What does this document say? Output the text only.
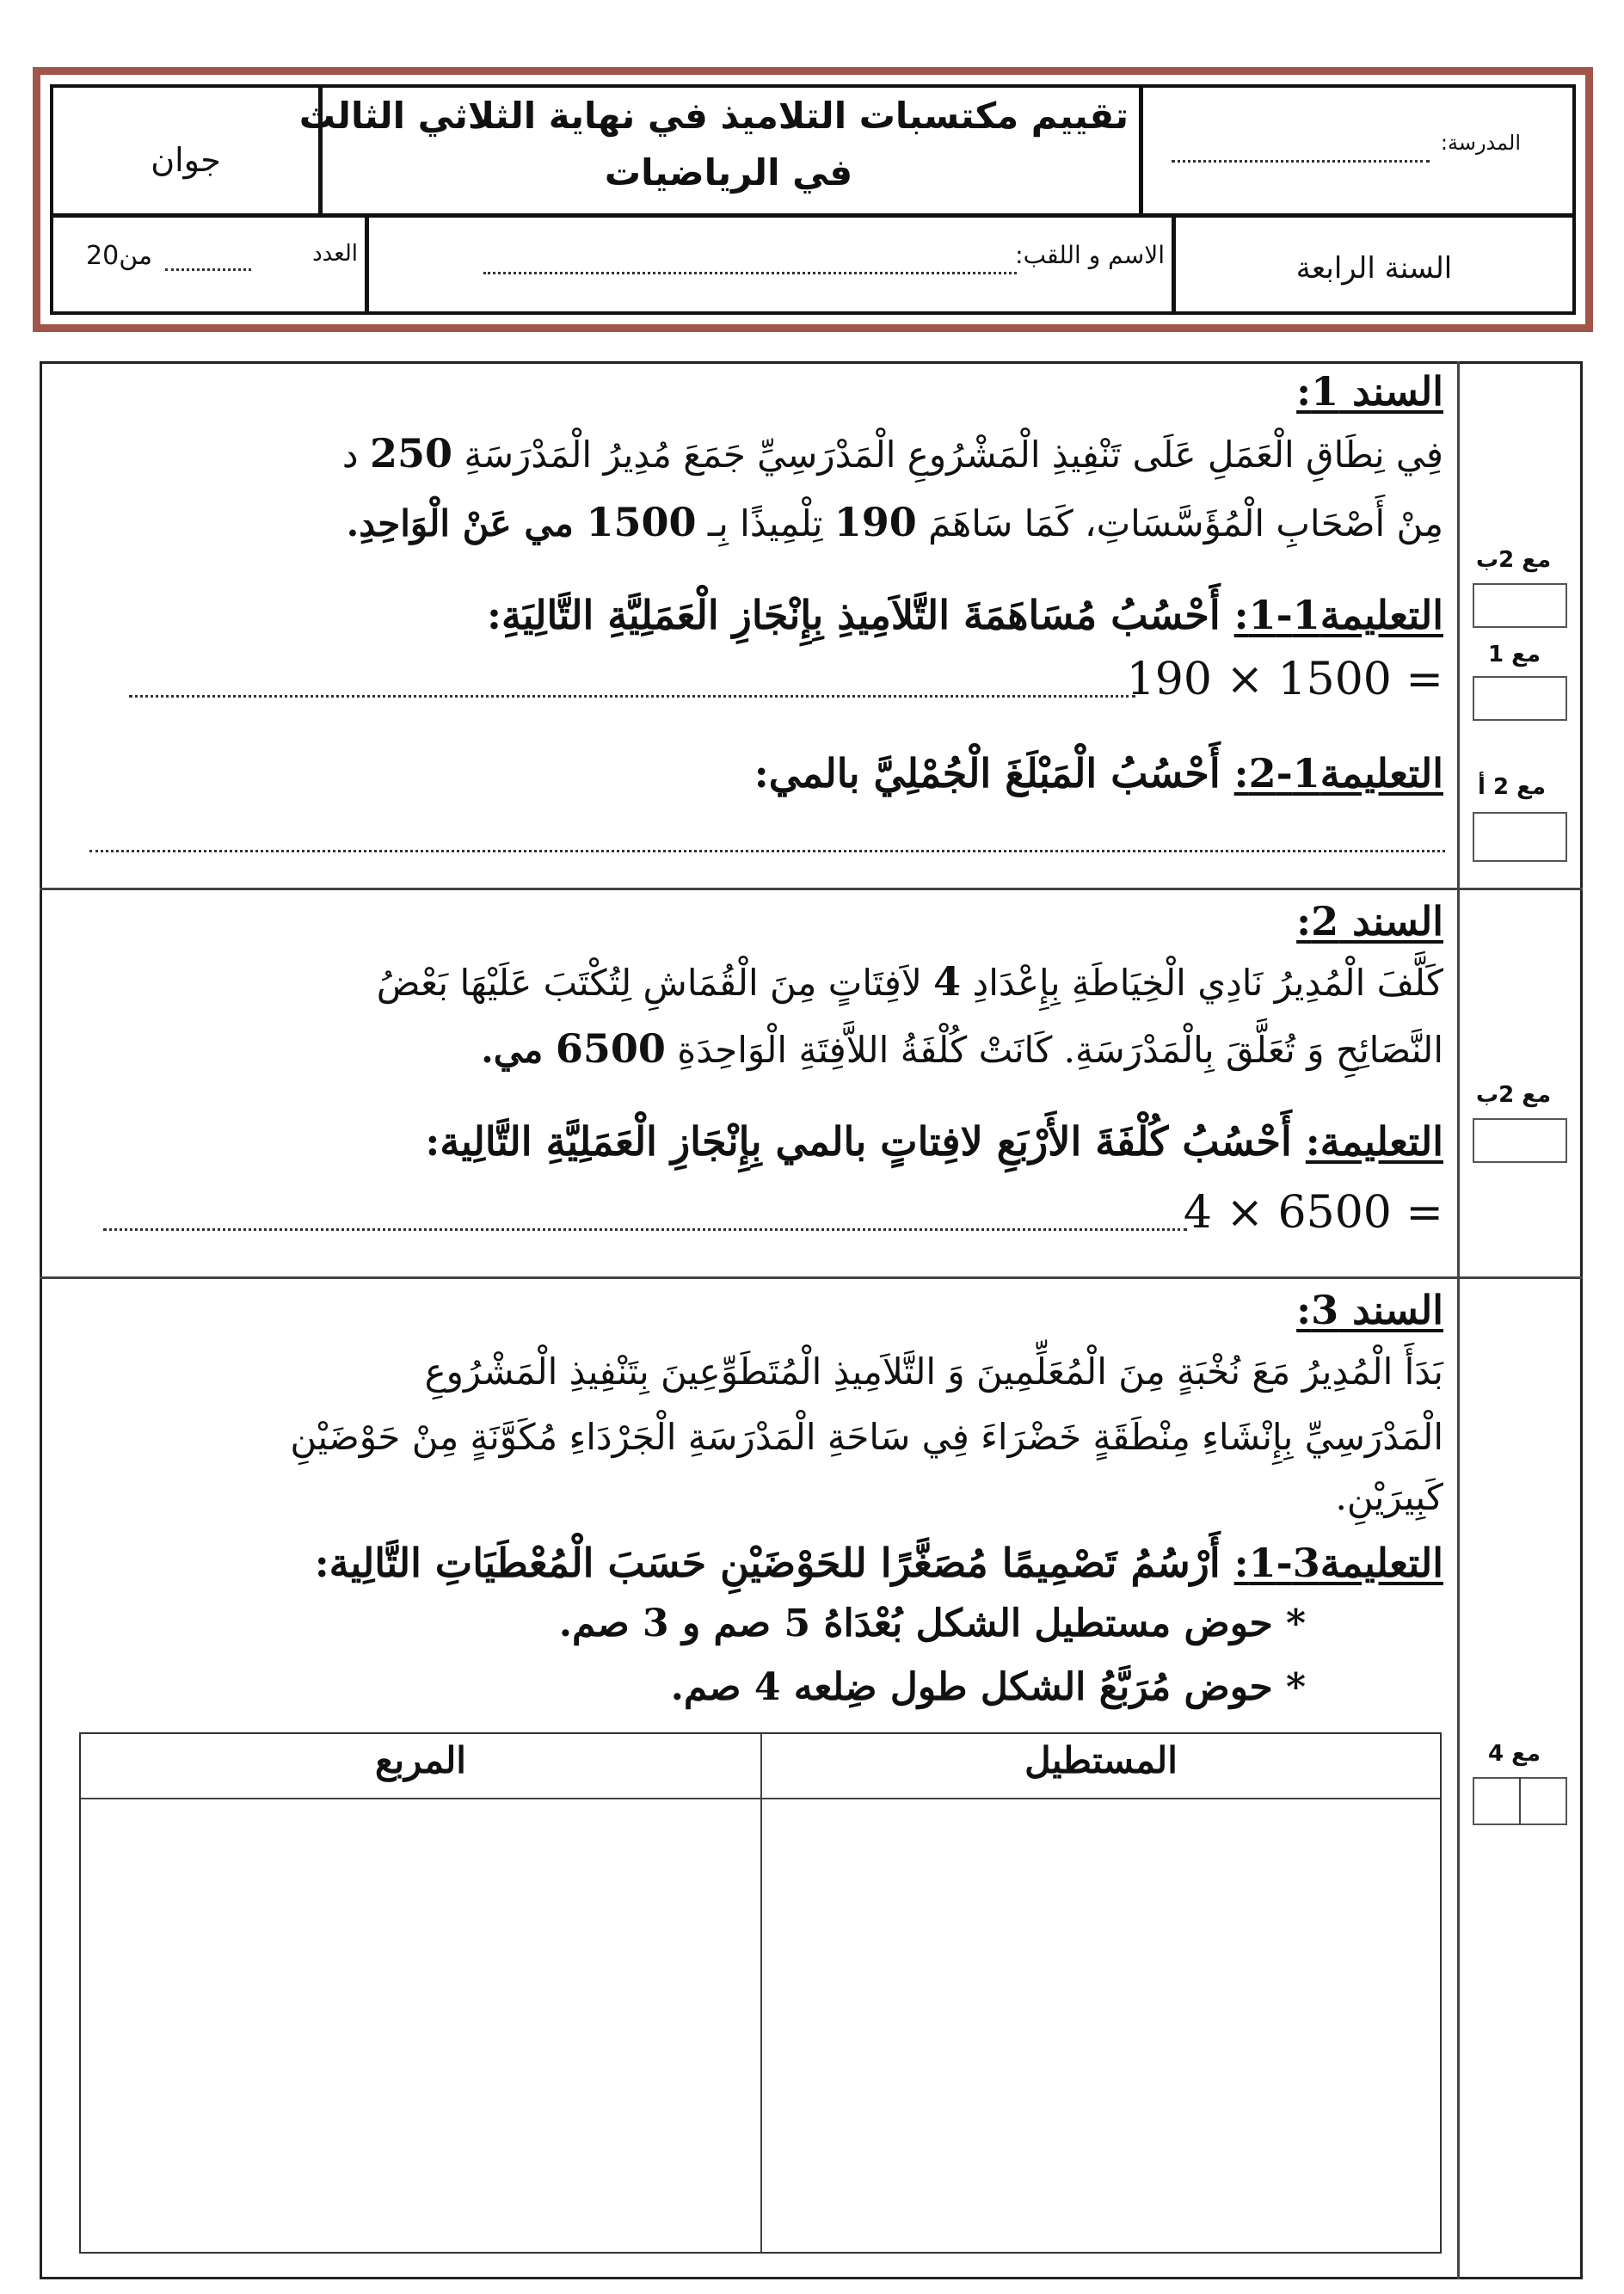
المدرسة:
تقييم مكتسبات التلاميذ في نهاية الثلاثي الثالث
في الرياضيات
جوان
السنة الرابعة
الاسم و اللقب:
العدد
من20
السند 1:
فِي نِطَاقِ الْعَمَلِ عَلَى تَنْفِيذِ الْمَشْرُوعِ الْمَدْرَسِيِّ جَمَعَ مُدِيرُ الْمَدْرَسَةِ 250 د
مِنْ أَصْحَابِ الْمُؤَسَّسَاتِ، كَمَا سَاهَمَ 190 تِلْمِيذًا بِـ 1500 مي عَنْ الْوَاحِدِ.
التعليمة1-1: أَحْسُبُ مُسَاهَمَةَ التَّلاَمِيذِ بِإِنْجَازِ الْعَمَلِيَّةِ التَّالِيَةِ:
190 × 1500 =
التعليمة1-2: أَحْسُبُ الْمَبْلَغَ الْجُمْلِيَّ بالمي:
مع 2ب
مع 1
مع 2 أ
السند 2:
كَلَّفَ الْمُدِيرُ نَادِي الْخِيَاطَةِ بِإِعْدَادِ 4 لاَفِتَاتٍ مِنَ الْقُمَاشِ لِتُكْتَبَ عَلَيْهَا بَعْضُ
النَّصَائِحِ وَ تُعَلَّقَ بِالْمَدْرَسَةِ. كَانَتْ كُلْفَةُ اللاَّفِتَةِ الْوَاحِدَةِ 6500 مي.
التعليمة: أَحْسُبُ كُلْفَةَ الأَرْبَعِ لافِتاتٍ بالمي بِإِنْجَازِ الْعَمَلِيَّةِ التَّالِية:
4 × 6500 =
مع 2ب
السند 3:
بَدَأَ الْمُدِيرُ مَعَ نُخْبَةٍ مِنَ الْمُعَلِّمِينَ وَ التَّلاَمِيذِ الْمُتَطَوِّعِينَ بِتَنْفِيذِ الْمَشْرُوعِ
الْمَدْرَسِيِّ بِإِنْشَاءِ مِنْطَقَةٍ خَضْرَاءَ فِي سَاحَةِ الْمَدْرَسَةِ الْجَرْدَاءِ مُكَوَّنَةٍ مِنْ حَوْضَيْنِ
كَبِيرَيْنِ.
التعليمة3-1: أَرْسُمُ تَصْمِيمًا مُصَغَّرًا للحَوْضَيْنِ حَسَبَ الْمُعْطَيَاتِ التَّالِية:
* حوض مستطيل الشكل بُعْدَاهُ 5 صم و 3 صم.
* حوض مُرَبَّعُ الشكل طول ضِلعه 4 صم.
المستطيل
المربع	مع 4
